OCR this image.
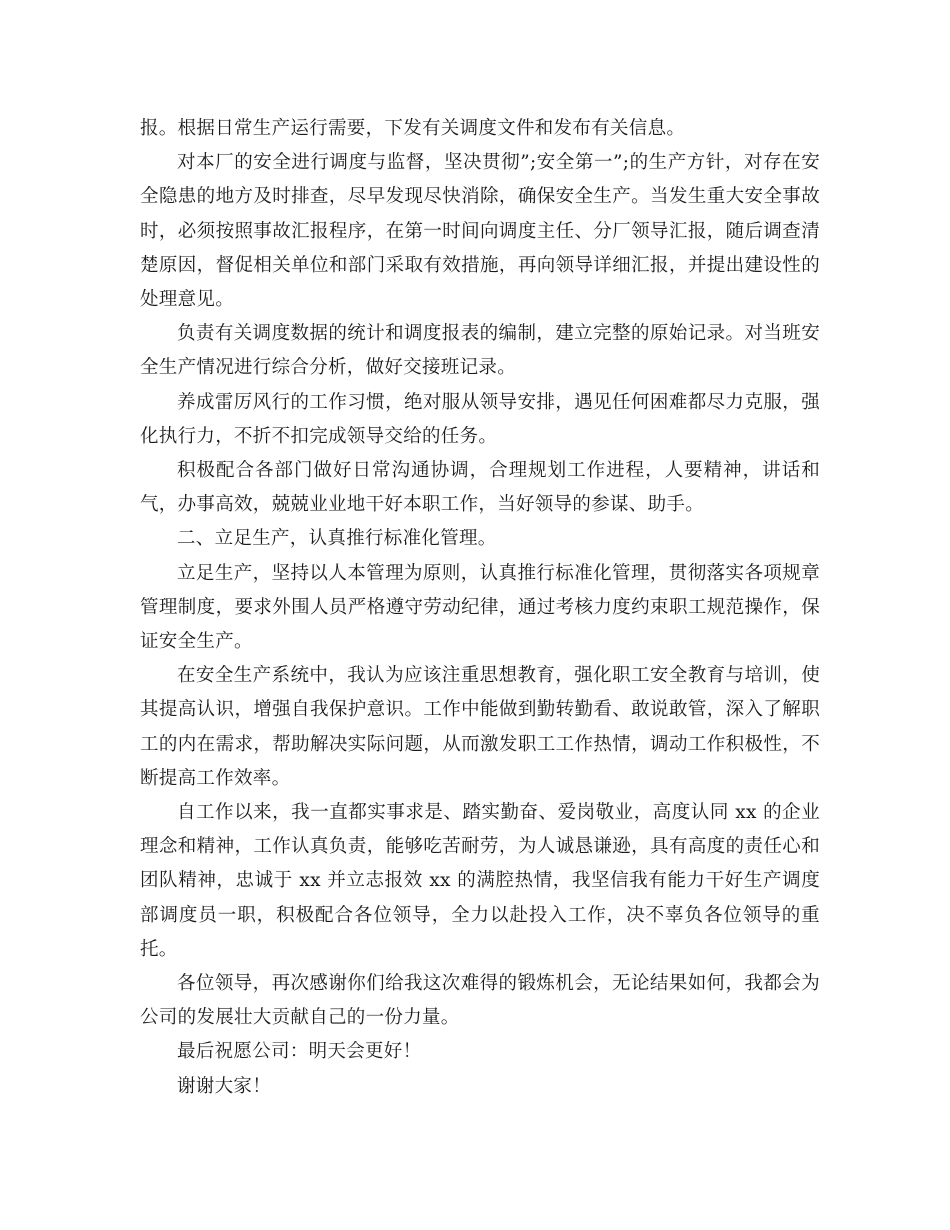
报。根据日常生产运行需要，下发有关调度文件和发布有关信息。

对本厂的安全进行调度与监督，坚决贯彻”;安全第一”;的生产方针，对存在安全隐患的地方及时排查，尽早发现尽快消除，确保安全生产。当发生重大安全事故时，必须按照事故汇报程序，在第一时间向调度主任、分厂领导汇报，随后调查清楚原因，督促相关单位和部门采取有效措施，再向领导详细汇报，并提出建设性的处理意见。

负责有关调度数据的统计和调度报表的编制，建立完整的原始记录。对当班安全生产情况进行综合分析，做好交接班记录。

养成雷厉风行的工作习惯，绝对服从领导安排，遇见任何困难都尽力克服，强化执行力，不折不扣完成领导交给的任务。

积极配合各部门做好日常沟通协调，合理规划工作进程，人要精神，讲话和气，办事高效，兢兢业业地干好本职工作，当好领导的参谋、助手。

二、立足生产，认真推行标准化管理。

立足生产，坚持以人本管理为原则，认真推行标准化管理，贯彻落实各项规章管理制度，要求外围人员严格遵守劳动纪律，通过考核力度约束职工规范操作，保证安全生产。

在安全生产系统中，我认为应该注重思想教育，强化职工安全教育与培训，使其提高认识，增强自我保护意识。工作中能做到勤转勤看、敢说敢管，深入了解职工的内在需求，帮助解决实际问题，从而激发职工工作热情，调动工作积极性，不断提高工作效率。

自工作以来，我一直都实事求是、踏实勤奋、爱岗敬业，高度认同 xx 的企业理念和精神，工作认真负责，能够吃苦耐劳，为人诚恳谦逊，具有高度的责任心和团队精神，忠诚于 xx 并立志报效 xx 的满腔热情，我坚信我有能力干好生产调度部调度员一职，积极配合各位领导，全力以赴投入工作，决不辜负各位领导的重托。

各位领导，再次感谢你们给我这次难得的锻炼机会，无论结果如何，我都会为公司的发展壮大贡献自己的一份力量。

最后祝愿公司：明天会更好！

谢谢大家！
